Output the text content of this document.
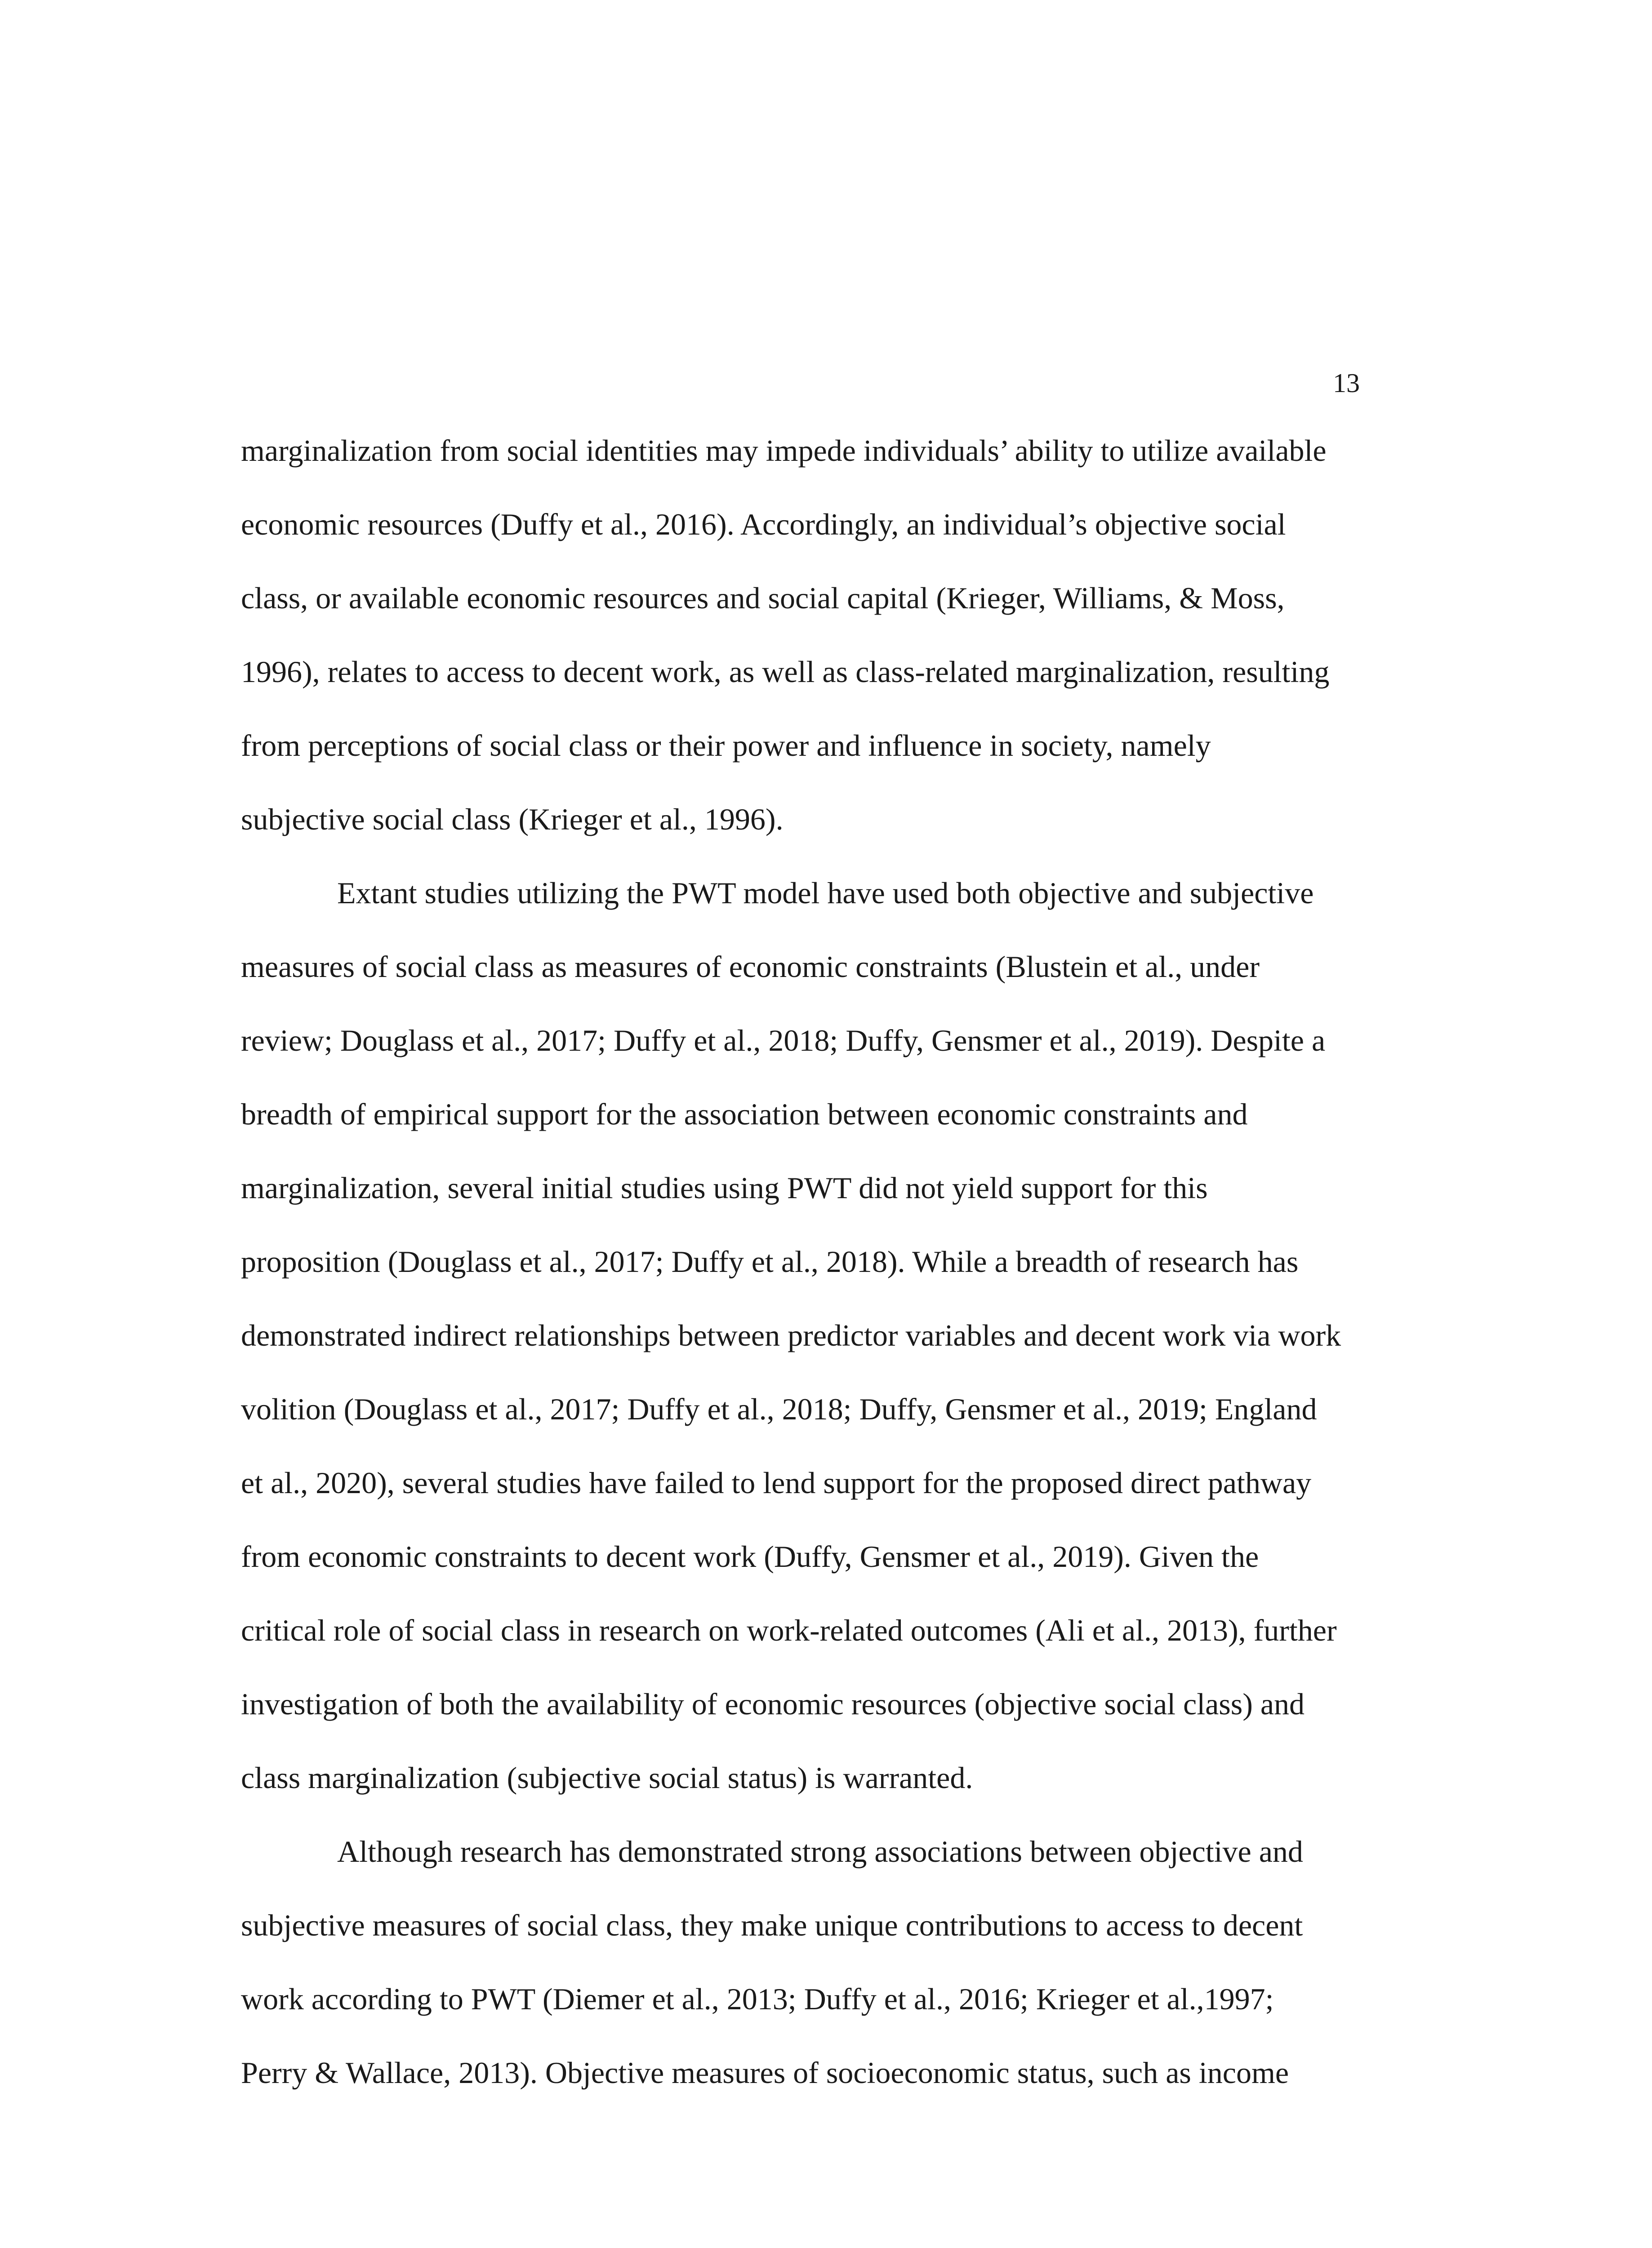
13
marginalization from social identities may impede individuals’ ability to utilize available
economic resources (Duffy et al., 2016). Accordingly, an individual’s objective social
class, or available economic resources and social capital (Krieger, Williams, & Moss,
1996), relates to access to decent work, as well as class-related marginalization, resulting
from perceptions of social class or their power and influence in society, namely
subjective social class (Krieger et al., 1996).
Extant studies utilizing the PWT model have used both objective and subjective
measures of social class as measures of economic constraints (Blustein et al., under
review; Douglass et al., 2017; Duffy et al., 2018; Duffy, Gensmer et al., 2019). Despite a
breadth of empirical support for the association between economic constraints and
marginalization, several initial studies using PWT did not yield support for this
proposition (Douglass et al., 2017; Duffy et al., 2018). While a breadth of research has
demonstrated indirect relationships between predictor variables and decent work via work
volition (Douglass et al., 2017; Duffy et al., 2018; Duffy, Gensmer et al., 2019; England
et al., 2020), several studies have failed to lend support for the proposed direct pathway
from economic constraints to decent work (Duffy, Gensmer et al., 2019). Given the
critical role of social class in research on work-related outcomes (Ali et al., 2013), further
investigation of both the availability of economic resources (objective social class) and
class marginalization (subjective social status) is warranted.
Although research has demonstrated strong associations between objective and
subjective measures of social class, they make unique contributions to access to decent
work according to PWT (Diemer et al., 2013; Duffy et al., 2016; Krieger et al.,1997;
Perry & Wallace, 2013). Objective measures of socioeconomic status, such as income
